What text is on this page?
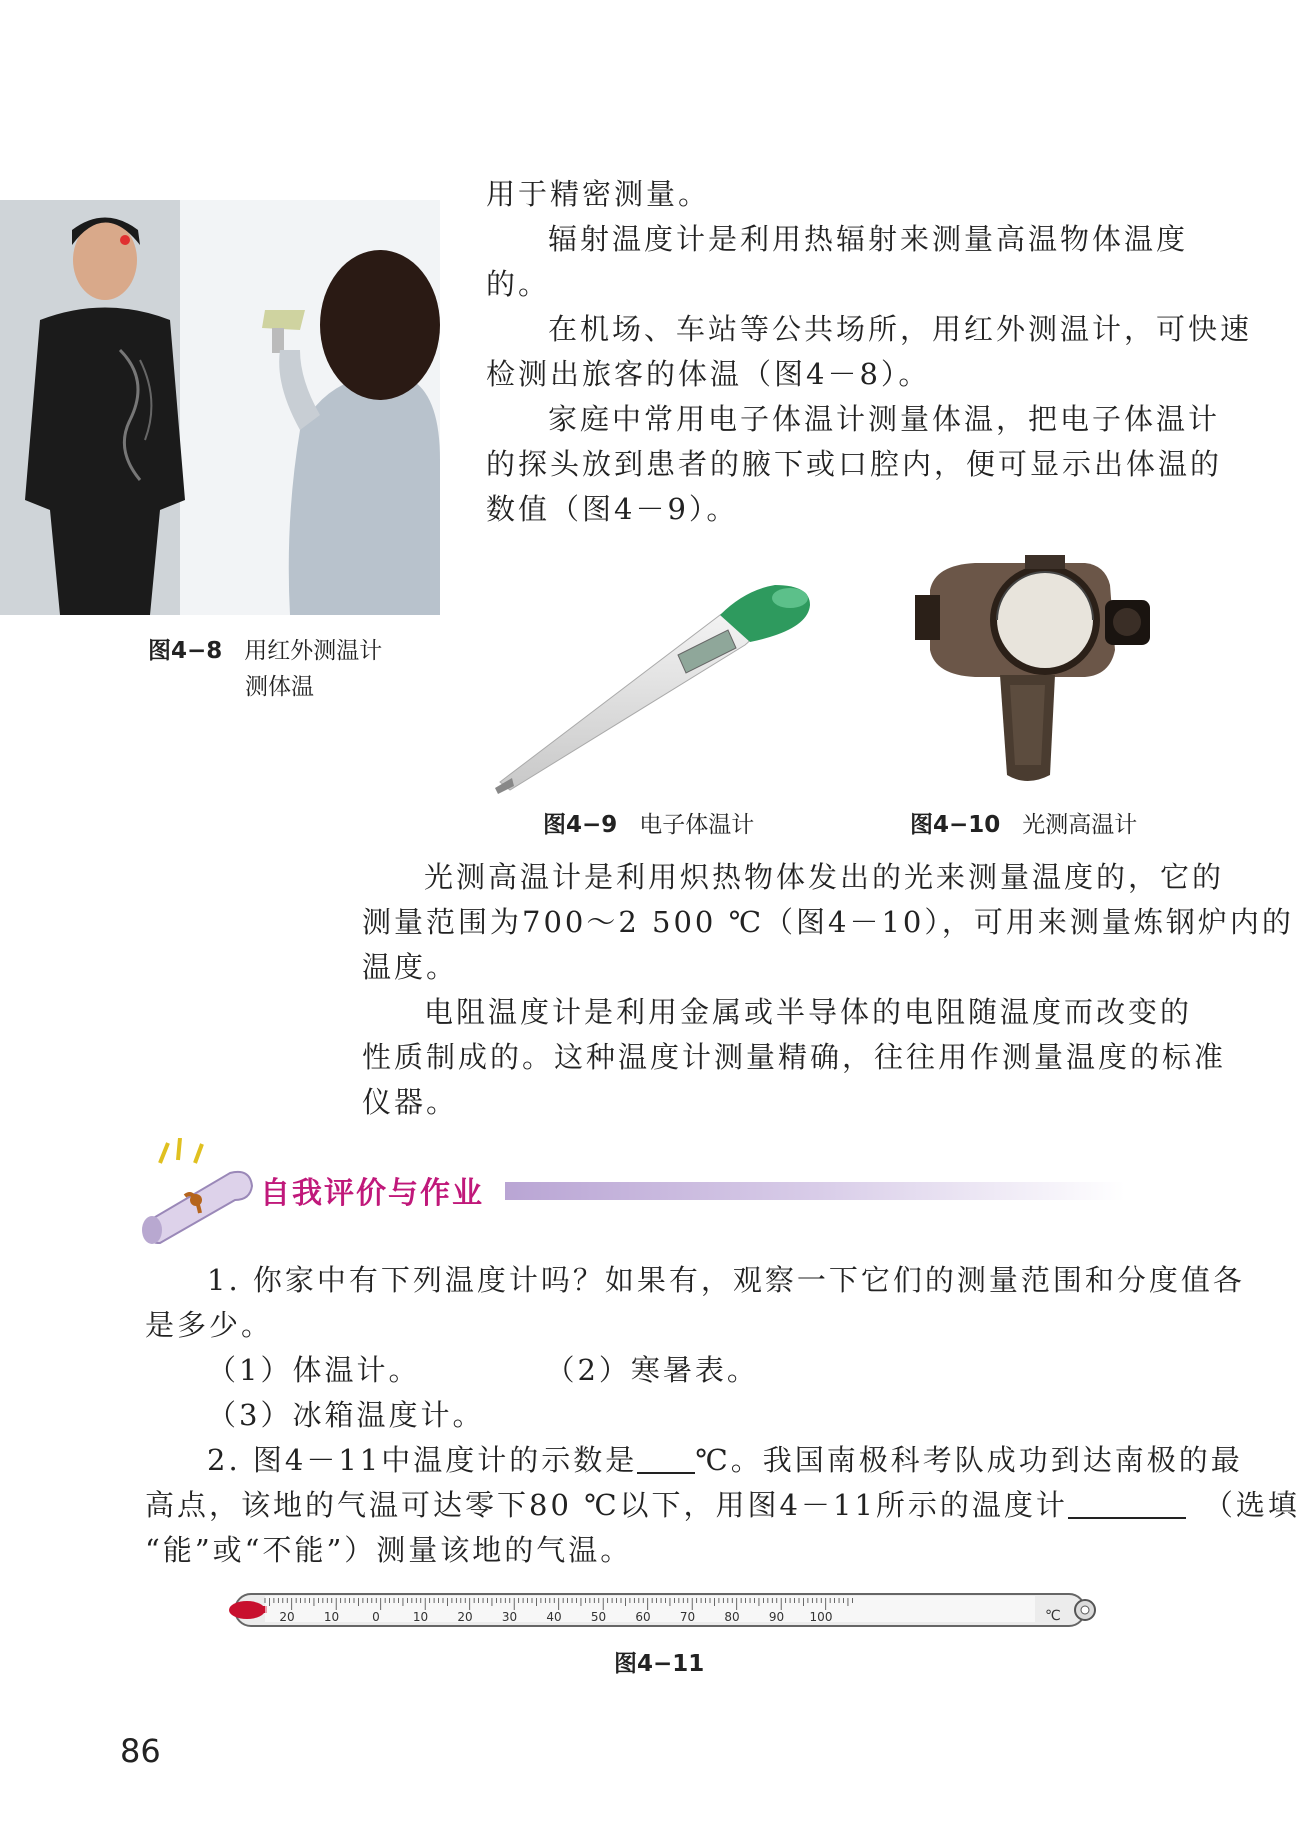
图4−8 用红外测温计
测体温
用于精密测量。
辐射温度计是利用热辐射来测量高温物体温度
的。
在机场、车站等公共场所，用红外测温计，可快速
检测出旅客的体温（图4－8）。
家庭中常用电子体温计测量体温，把电子体温计
的探头放到患者的腋下或口腔内，便可显示出体温的
数值（图4－9）。
图4−9 电子体温计	图4−10 光测高温计
光测高温计是利用炽热物体发出的光来测量温度的，它的
测量范围为700～2 500 ℃（图4－10），可用来测量炼钢炉内的
温度。
电阻温度计是利用金属或半导体的电阻随温度而改变的
性质制成的。这种温度计测量精确，往往用作测量温度的标准
仪器。
自我评价与作业
1. 你家中有下列温度计吗？如果有，观察一下它们的测量范围和分度值各
是多少。
（1）体温计。	（2）寒暑表。
（3）冰箱温度计。
2. 图4－11中温度计的示数是 ℃。我国南极科考队成功到达南极的最
高点，该地的气温可达零下80 ℃以下，用图4－11所示的温度计	（选填
“能”或“不能”）测量该地的气温。
20 10	0	10 20 30 40 50 60 70 80 90 100	℃
图4−11
86
